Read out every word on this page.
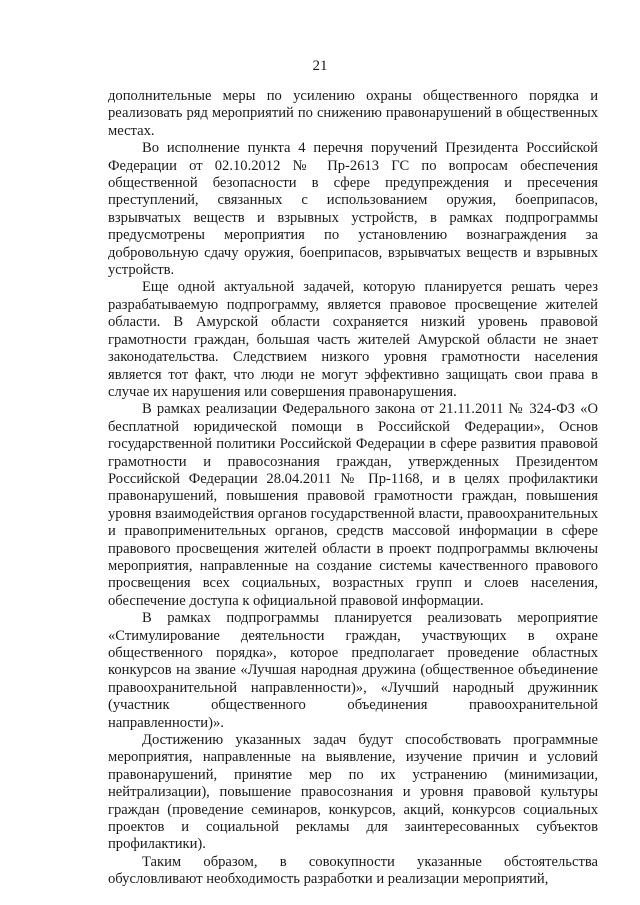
21

дополнительные меры по усилению охраны общественного порядка и реализовать ряд мероприятий по снижению правонарушений в общественных местах.

Во исполнение пункта 4 перечня поручений Президента Российской Федерации от 02.10.2012 № Пр-2613 ГС по вопросам обеспечения общественной безопасности в сфере предупреждения и пресечения преступлений, связанных с использованием оружия, боеприпасов, взрывчатых веществ и взрывных устройств, в рамках подпрограммы предусмотрены мероприятия по установлению вознаграждения за добровольную сдачу оружия, боеприпасов, взрывчатых веществ и взрывных устройств.

Еще одной актуальной задачей, которую планируется решать через разрабатываемую подпрограмму, является правовое просвещение жителей области. В Амурской области сохраняется низкий уровень правовой грамотности граждан, большая часть жителей Амурской области не знает законодательства. Следствием низкого уровня грамотности населения является тот факт, что люди не могут эффективно защищать свои права в случае их нарушения или совершения правонарушения.

В рамках реализации Федерального закона от 21.11.2011 № 324-ФЗ «О бесплатной юридической помощи в Российской Федерации», Основ государственной политики Российской Федерации в сфере развития правовой грамотности и правосознания граждан, утвержденных Президентом Российской Федерации 28.04.2011 № Пр-1168, и в целях профилактики правонарушений, повышения правовой грамотности граждан, повышения уровня взаимодействия органов государственной власти, правоохранительных и правоприменительных органов, средств массовой информации в сфере правового просвещения жителей области в проект подпрограммы включены мероприятия, направленные на создание системы качественного правового просвещения всех социальных, возрастных групп и слоев населения, обеспечение доступа к официальной правовой информации.

В рамках подпрограммы планируется реализовать мероприятие «Стимулирование деятельности граждан, участвующих в охране общественного порядка», которое предполагает проведение областных конкурсов на звание «Лучшая народная дружина (общественное объединение правоохранительной направленности)», «Лучший народный дружинник (участник общественного объединения правоохранительной направленности)».

Достижению указанных задач будут способствовать программные мероприятия, направленные на выявление, изучение причин и условий правонарушений, принятие мер по их устранению (минимизации, нейтрализации), повышение правосознания и уровня правовой культуры граждан (проведение семинаров, конкурсов, акций, конкурсов социальных проектов и социальной рекламы для заинтересованных субъектов профилактики).

Таким образом, в совокупности указанные обстоятельства обусловливают необходимость разработки и реализации мероприятий,
